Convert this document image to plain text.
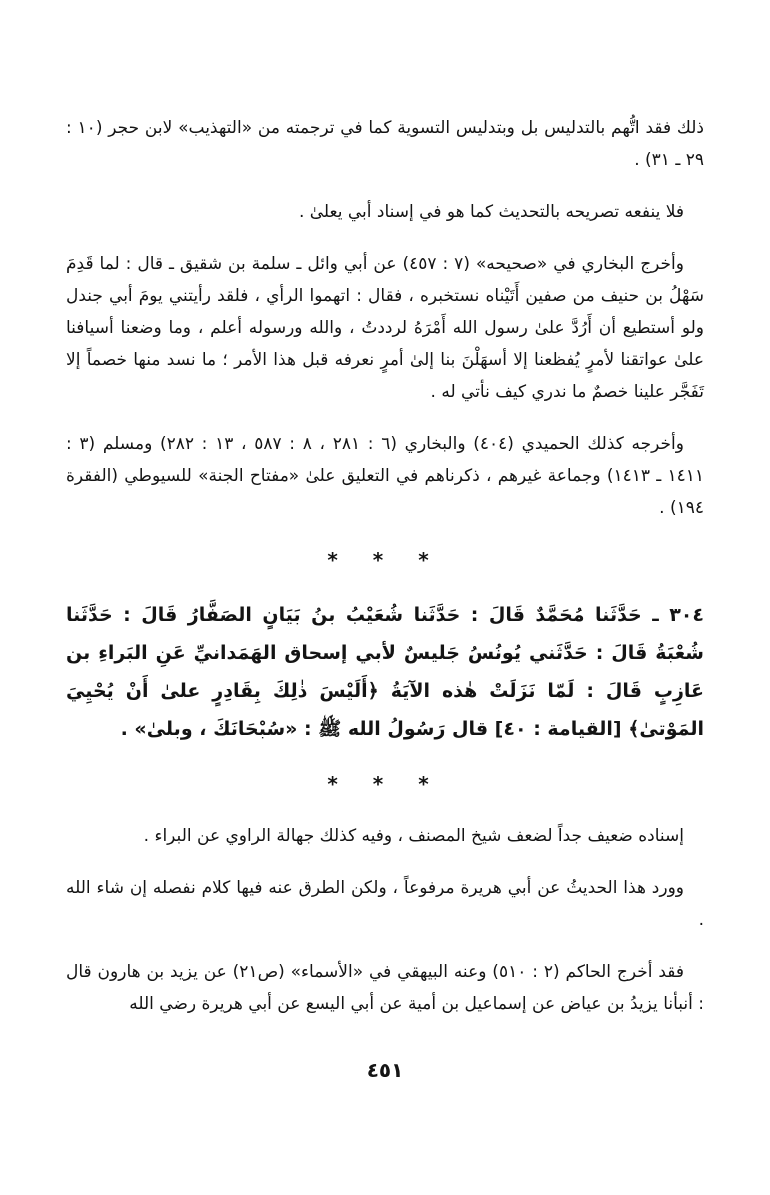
ذلك فقد اتُّهم بالتدليس بل وبتدليس التسوية كما في ترجمته من «التهذيب» لابن حجر (١٠ : ٢٩ ـ ٣١) .

فلا ينفعه تصريحه بالتحديث كما هو في إسناد أبي يعلىٰ .

وأخرج البخاري في «صحيحه» (٧ : ٤٥٧) عن أبي وائل ـ سلمة بن شقيق ـ قال : لما قَدِمَ سَهْلُ بن حنيف من صفين أَتَيْناه نستخبره ، فقال : اتهموا الرأي ، فلقد رأيتني يومَ أبي جندل ولو أستطيع أن أَرُدَّ علىٰ رسول الله أَمْرَهُ لرددتُ ، والله ورسوله أعلم ، وما وضعنا أسيافنا علىٰ عواتقنا لأمرٍ يُفظعنا إلا أسهَلْنَ بنا إلىٰ أمرٍ نعرفه قبل هذا الأمر ؛ ما نسد منها خصماً إلا تَفَجَّر علينا خصمٌ ما ندري كيف نأتي له .

وأخرجه كذلك الحميدي (٤٠٤) والبخاري (٦ : ٢٨١ ، ٨ : ٥٨٧ ، ١٣ : ٢٨٢) ومسلم (٣ : ١٤١١ ـ ١٤١٣) وجماعة غيرهم ، ذكرناهم في التعليق علىٰ «مفتاح الجنة» للسيوطي (الفقرة ١٩٤) .

* * *

٣٠٤ ـ حَدَّثَنا مُحَمَّدٌ قَالَ : حَدَّثَنا شُعَيْبُ بنُ بَيَانٍ الصَفَّارُ قَالَ : حَدَّثَنا شُعْبَةُ قَالَ : حَدَّثَني يُونُسُ جَليسٌ لأبي إسحاق الهَمَدانيِّ عَنِ البَراءِ بن عَازِبٍ قَالَ : لَمّا نَزَلَتْ هٰذه الآيَةُ ﴿أَلَيْسَ ذٰلِكَ بِقَادِرٍ علىٰ أَنْ يُحْيِيَ المَوْتىٰ﴾ [القيامة : ٤٠] قال رَسُولُ الله ﷺ : «سُبْحَانَكَ ، وبلىٰ» .

* * *

إسناده ضعيف جداً لضعف شيخ المصنف ، وفيه كذلك جهالة الراوي عن البراء .

وورد هذا الحديثُ عن أبي هريرة مرفوعاً ، ولكن الطرق عنه فيها كلام نفصله إن شاء الله .

فقد أخرج الحاكم (٢ : ٥١٠) وعنه البيهقي في «الأسماء» (ص٢١) عن يزيد بن هارون قال : أنبأنا يزيدُ بن عياض عن إسماعيل بن أمية عن أبي اليسع عن أبي هريرة رضي الله

٤٥١
